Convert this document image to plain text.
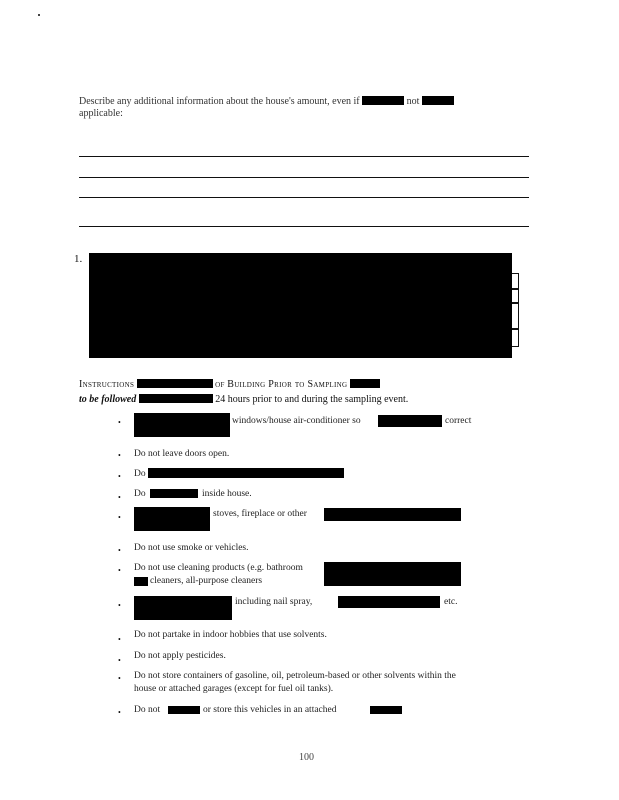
Describe any additional information about the house's amount, even if	not
applicable:
1.
Instructions	of Building Prior to Sampling
to be followed	24 hours prior to and during the sampling event.
•	windows/house air-conditioner so	correct
• Do not leave doors open.
• Do
• Do	inside house.
•	stoves, fireplace or other
• Do not use smoke or vehicles.
• Do not use cleaning products (e.g. bathroom
cleaners, all-purpose cleaners
•	including nail spray,	etc.
• Do not partake in indoor hobbies that use solvents.
• Do not apply pesticides.
• Do not store containers of gasoline, oil, petroleum-based or other solvents within the house or attached garages (except for fuel oil tanks).
• Do not	or store this vehicles in an attached
100
